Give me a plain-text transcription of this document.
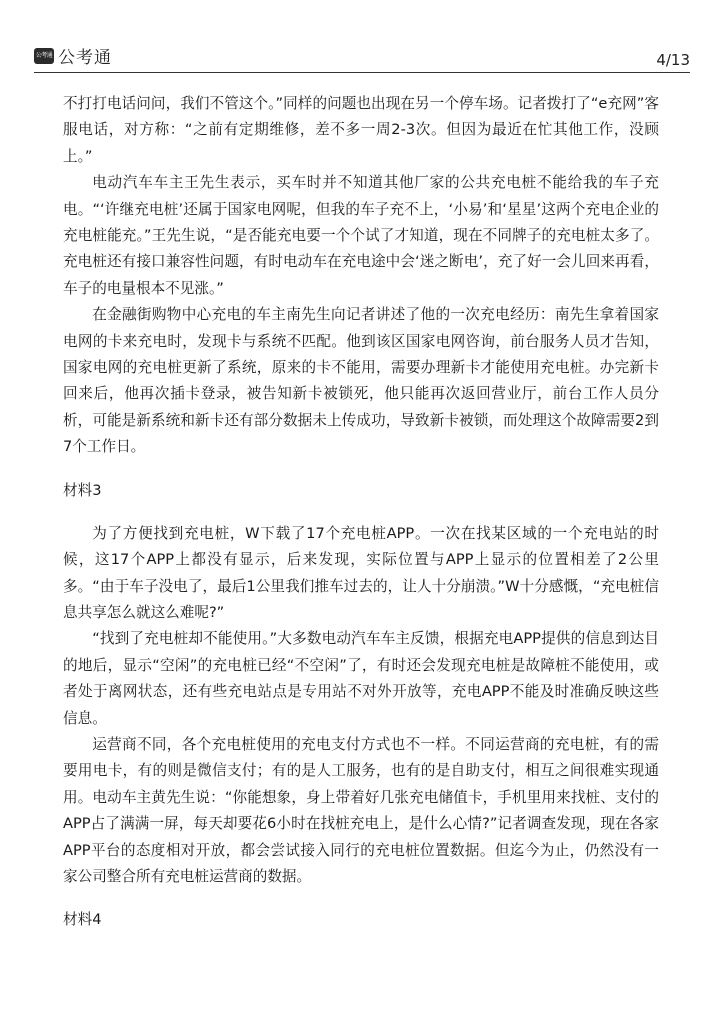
公考通 公考通	4/13

不打打电话问问，我们不管这个。”同样的问题也出现在另一个停车场。记者拨打了“e充网”客服电话，对方称：“之前有定期维修，差不多一周2-3次。但因为最近在忙其他工作，没顾上。”

电动汽车车主王先生表示，买车时并不知道其他厂家的公共充电桩不能给我的车子充电。“‘许继充电桩’还属于国家电网呢，但我的车子充不上，‘小易’和‘星星’这两个充电企业的充电桩能充。”王先生说，“是否能充电要一个个试了才知道，现在不同牌子的充电桩太多了。充电桩还有接口兼容性问题，有时电动车在充电途中会‘迷之断电’，充了好一会儿回来再看，车子的电量根本不见涨。”

在金融街购物中心充电的车主南先生向记者讲述了他的一次充电经历：南先生拿着国家电网的卡来充电时，发现卡与系统不匹配。他到该区国家电网咨询，前台服务人员才告知，国家电网的充电桩更新了系统，原来的卡不能用，需要办理新卡才能使用充电桩。办完新卡回来后，他再次插卡登录，被告知新卡被锁死，他只能再次返回营业厅，前台工作人员分析，可能是新系统和新卡还有部分数据未上传成功，导致新卡被锁，而处理这个故障需要2到7个工作日。

材料3

为了方便找到充电桩，W下载了17个充电桩APP。一次在找某区域的一个充电站的时候，这17个APP上都没有显示，后来发现，实际位置与APP上显示的位置相差了2公里多。“由于车子没电了，最后1公里我们推车过去的，让人十分崩溃。”W十分感慨，“充电桩信息共享怎么就这么难呢?”

“找到了充电桩却不能使用。”大多数电动汽车车主反馈，根据充电APP提供的信息到达目的地后，显示“空闲”的充电桩已经“不空闲”了，有时还会发现充电桩是故障桩不能使用，或者处于离网状态，还有些充电站点是专用站不对外开放等，充电APP不能及时准确反映这些信息。

运营商不同，各个充电桩使用的充电支付方式也不一样。不同运营商的充电桩，有的需要用电卡，有的则是微信支付；有的是人工服务，也有的是自助支付，相互之间很难实现通用。电动车主黄先生说：“你能想象，身上带着好几张充电储值卡，手机里用来找桩、支付的APP占了满满一屏，每天却要花6小时在找桩充电上，是什么心情?”记者调查发现，现在各家APP平台的态度相对开放，都会尝试接入同行的充电桩位置数据。但迄今为止，仍然没有一家公司整合所有充电桩运营商的数据。

材料4
